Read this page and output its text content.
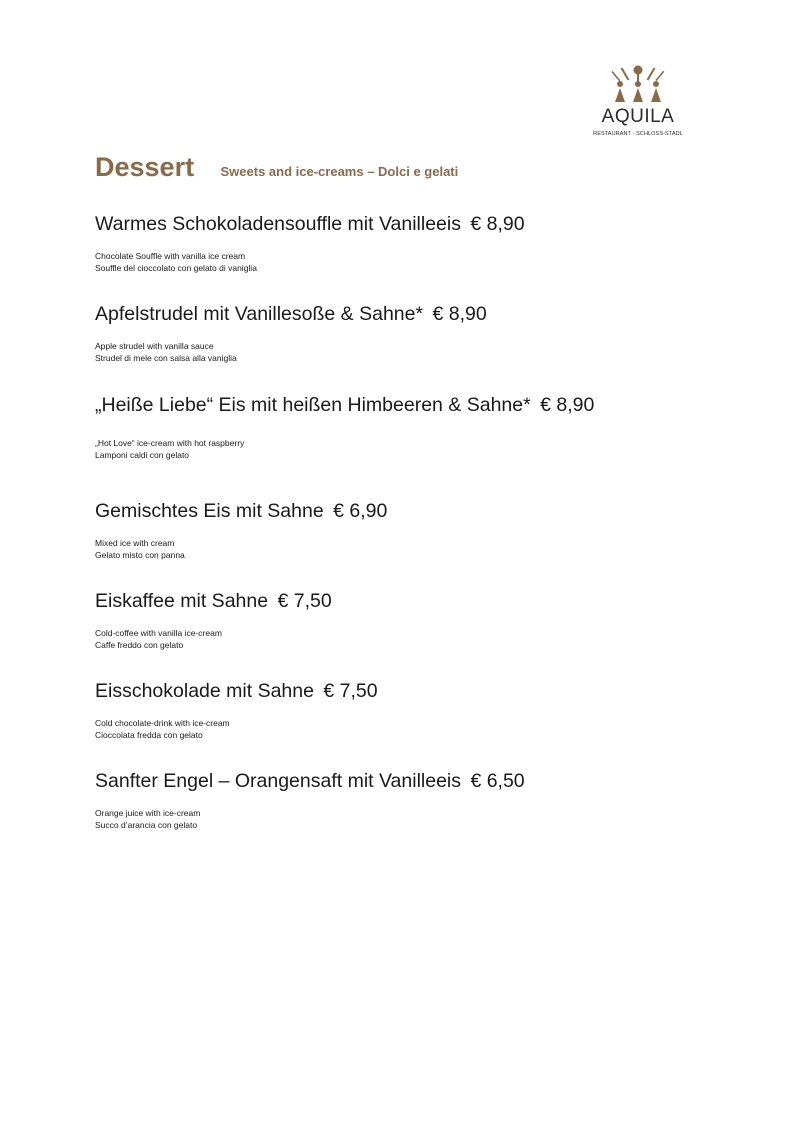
AQUILA
RESTAURANT · SCHLOSS-STADL
Dessert Sweets and ice-creams – Dolci e gelati
Warmes Schokoladensouffle mit Vanilleeis € 8,90
Chocolate Souffle with vanilla ice cream
Souffle del cioccolato con gelato di vaniglia
Apfelstrudel mit Vanillesoße & Sahne* € 8,90
Apple strudel with vanilla sauce
Strudel di mele con salsa alla vaniglia
„Heiße Liebe“ Eis mit heißen Himbeeren & Sahne* € 8,90
„Hot Love“ ice-cream with hot raspberry
Lamponi caldi con gelato
Gemischtes Eis mit Sahne € 6,90
Mixed ice with cream
Gelato misto con panna
Eiskaffee mit Sahne € 7,50
Cold-coffee with vanilla ice-cream
Caffe freddo con gelato
Eisschokolade mit Sahne € 7,50
Cold chocolate-drink with ice-cream
Cioccolata fredda con gelato
Sanfter Engel – Orangensaft mit Vanilleeis € 6,50
Orange juice with ice-cream
Succo d’arancia con gelato
